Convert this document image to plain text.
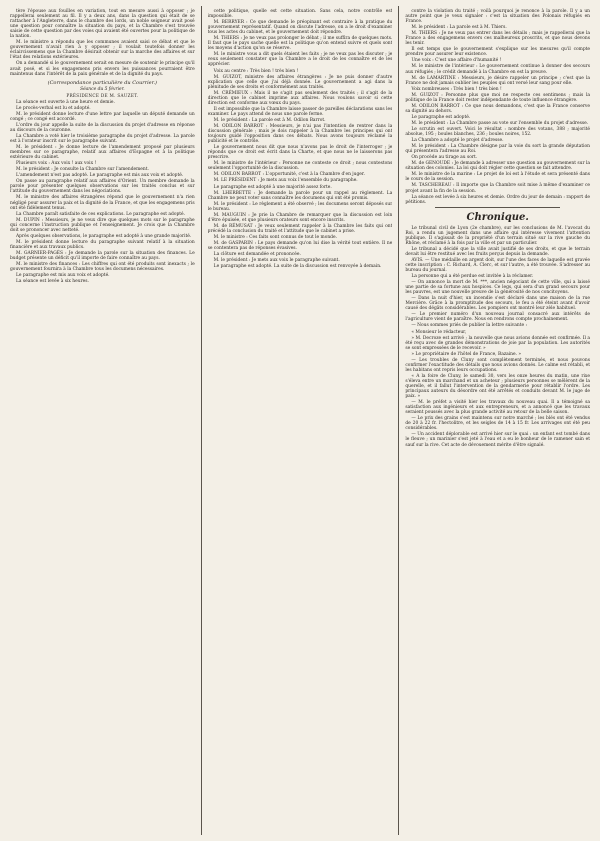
tère l'épouse aux fouilles en variation, tout en mesure aussi à opposer ; je rappellerai seulement au fil. Il y a deux ans, dans la question qui était de se rattacher à l'Angleterre, dans le chambre des lords, un noble seigneur avait posé une question pour connaître la situation du pays, et la Chambre s'est trouvée saisie de cette question par des voies qui avaient été ouvertes pour la politique de la nation.

M. le ministre a répondu que les communes avaient saisi ce débat et que le gouvernement n'avait rien à y opposer ; il voulait toutefois donner les éclaircissemens que la Chambre désirait obtenir sur la marche des affaires et sur l'état des relations extérieures.

On a demandé si le gouvernement serait en mesure de soutenir le principe qu'il avait posé, et si les engagemens pris envers les puissances pourraient être maintenus dans l'intérêt de la paix générale et de la dignité du pays.

(Correspondance particulière du Courrier.)
Séance du 5 février.
PRÉSIDENCE DE M. SAUZET.

La séance est ouverte à une heure et demie.

Le procès-verbal est lu et adopté.

M. le président donne lecture d'une lettre par laquelle un député demande un congé ; ce congé est accordé.

L'ordre du jour appelle la suite de la discussion du projet d'adresse en réponse au discours de la couronne.

La Chambre a voté hier le troisième paragraphe du projet d'adresse. La parole est à l'orateur inscrit sur le paragraphe suivant.

M. le président : Je donne lecture de l'amendement proposé par plusieurs membres sur ce paragraphe, relatif aux affaires d'Espagne et à la politique extérieure du cabinet.

Plusieurs voix : Aux voix ! aux voix !

M. le président : Je consulte la Chambre sur l'amendement.

L'amendement n'est pas adopté. Le paragraphe est mis aux voix et adopté.

On passe au paragraphe relatif aux affaires d'Orient. Un membre demande la parole pour présenter quelques observations sur les traités conclus et sur l'attitude du gouvernement dans les négociations.

M. le ministre des affaires étrangères répond que le gouvernement n'a rien négligé pour assurer la paix et la dignité de la France, et que les engagemens pris ont été fidèlement tenus.

La Chambre paraît satisfaite de ces explications. Le paragraphe est adopté.

M. DUPIN : Messieurs, je ne veux dire que quelques mots sur le paragraphe qui concerne l'instruction publique et l'enseignement. Je crois que la Chambre doit se prononcer avec netteté.

Après quelques observations, le paragraphe est adopté à une grande majorité.

M. le président donne lecture du paragraphe suivant relatif à la situation financière et aux travaux publics.

M. GARNIER-PAGÈS : Je demande la parole sur la situation des finances. Le budget présente un déficit qu'il importe de faire connaître au pays.

M. le ministre des finances : Les chiffres qui ont été produits sont inexacts ; le gouvernement fournira à la Chambre tous les documens nécessaires.

Le paragraphe est mis aux voix et adopté.

La séance est levée à six heures.

cette politique, quelle est cette situation. Sans cela, notre contrôle est impossible.

M. BERRYER : Ce que demande le préopinant est contraire à la pratique du gouvernement représentatif. Quand on discute l'adresse, on a le droit d'examiner tous les actes du cabinet, et le gouvernement doit répondre.

M. THIERS : Je ne veux pas prolonger le débat ; il me suffira de quelques mots. Il faut que le pays sache quelle est la politique qu'on entend suivre et quels sont les moyens d'action qu'on se réserve.

M. le ministre vous a dit quels étaient les faits ; je ne veux pas les discuter ; je veux seulement constater que la Chambre a le droit de les connaître et de les apprécier.

Voix au centre : Très bien ! très bien !

M. GUIZOT, ministre des affaires étrangères : Je ne puis donner d'autre explication que celle que j'ai déjà donnée. Le gouvernement a agi dans la plénitude de ses droits et conformément aux traités.

M. CRÉMIEUX : Mais il ne s'agit pas seulement des traités ; il s'agit de la direction que le cabinet imprime aux affaires. Nous voulons savoir si cette direction est conforme aux vœux du pays.

Il est impossible que la Chambre laisse passer de pareilles déclarations sans les examiner. Le pays attend de nous une parole ferme.

M. le président : La parole est à M. Odilon Barrot.

M. ODILON BARROT : Messieurs, je n'ai pas l'intention de rentrer dans la discussion générale ; mais je dois rappeler à la Chambre les principes qui ont toujours guidé l'opposition dans ces débats. Nous avons toujours réclamé la publicité et le contrôle.

Le gouvernement nous dit que nous n'avons pas le droit de l'interroger ; je réponds que ce droit est écrit dans la Charte, et que nous ne le laisserons pas prescrire.

M. le ministre de l'intérieur : Personne ne conteste ce droit ; nous contestons seulement l'opportunité de la discussion.

M. ODILON BARROT : L'opportunité, c'est à la Chambre d'en juger.

M. LE PRÉSIDENT : Je mets aux voix l'ensemble du paragraphe.

Le paragraphe est adopté à une majorité assez forte.

M. LHERBETTE : Je demande la parole pour un rappel au règlement. La Chambre ne peut voter sans connaître les documens qui ont été promis.

M. le président : Le règlement a été observé ; les documens seront déposés sur le bureau.

M. MAUGUIN : Je prie la Chambre de remarquer que la discussion est loin d'être épuisée, et que plusieurs orateurs sont encore inscrits.

M. de RÉMUSAT : Je veux seulement rappeler à la Chambre les faits qui ont précédé la conclusion du traité et l'attitude que le cabinet a prise.

M. le ministre : Ces faits sont connus de tout le monde.

M. de GASPARIN : Le pays demande qu'on lui dise la vérité tout entière. Il ne se contentera pas de réponses évasives.

La clôture est demandée et prononcée.

M. le président : Je mets aux voix le paragraphe suivant.

Le paragraphe est adopté. La suite de la discussion est renvoyée à demain.

contre la violation du traité ; voilà pourquoi je renonce à la parole. Il y a un autre point que je veux signaler : c'est la situation des Polonais réfugiés en France.

M. le président : La parole est à M. Thiers.

M. THIERS : Je ne veux pas entrer dans les détails ; mais je rappellerai que la France a des engagemens envers ces malheureux proscrits, et que nous devons les tenir.

Il est temps que le gouvernement s'explique sur les mesures qu'il compte prendre pour assurer leur existence.

Une voix : C'est une affaire d'humanité !

M. le ministre de l'intérieur : Le gouvernement continue à donner des secours aux réfugiés ; le crédit demandé à la Chambre en est la preuve.

M. de LAMARTINE : Messieurs, je désire rappeler un principe ; c'est que la France ne doit jamais oublier les peuples qui ont versé leur sang pour elle.

Voix nombreuses : Très bien ! très bien !

M. GUIZOT : Personne plus que moi ne respecte ces sentimens ; mais la politique de la France doit rester indépendante de toute influence étrangère.

M. ODILON BARROT : Ce que nous demandons, c'est que la France conserve sa dignité au dehors.

Le paragraphe est adopté.

M. le président : La Chambre passe au vote sur l'ensemble du projet d'adresse.

Le scrutin est ouvert. Voici le résultat : nombre des votans, 388 ; majorité absolue, 195 ; boules blanches, 236 ; boules noires, 152.

La Chambre a adopté le projet d'adresse.

M. le président : La Chambre désigne par la voie du sort la grande députation qui présentera l'adresse au Roi.

On procède au tirage au sort.

M. de GENOUDE : Je demande à adresser une question au gouvernement sur la situation des colonies. La loi qui doit régler cette question se fait attendre.

M. le ministre de la marine : Le projet de loi est à l'étude et sera présenté dans le cours de la session.

M. TASCHEREAU : Il importe que la Chambre soit mise à même d'examiner ce projet avant la fin de la session.

La séance est levée à six heures et demie. Ordre du jour de demain : rapport de pétitions.

Chronique.

Le tribunal civil de Lyon (2e chambre), sur les conclusions de M. l'avocat du Roi, a rendu un jugement dans une affaire qui intéresse vivement l'attention publique. Il s'agissait de la propriété d'un terrain situé sur la rive gauche du Rhône, et réclamé à la fois par la ville et par un particulier.

Le tribunal a décidé que la ville avait justifié de ses droits, et que le terrain devait lui être restitué avec les fruits perçus depuis la demande.

AVIS. — Une médaille en argent doit, sur l'une des faces de laquelle est gravée cette inscription : C. Richard, A. Clerc, et sur l'autre, a été trouvée. S'adresser au bureau du journal.

La personne qui a été perdue est invitée à la réclamer.

— On annonce la mort de M. ***, ancien négociant de cette ville, qui a laissé une partie de sa fortune aux hospices. Ce legs, qui sera d'un grand secours pour les pauvres, est une nouvelle preuve de la générosité de nos concitoyens.

— Dans la nuit d'hier, un incendie s'est déclaré dans une maison de la rue Mercière. Grâce à la promptitude des secours, le feu a été éteint avant d'avoir causé des dégâts considérables. Les pompiers ont montré leur zèle habituel.

— Le premier numéro d'un nouveau journal consacré aux intérêts de l'agriculture vient de paraître. Nous en rendrons compte prochainement.

— Nous sommes priés de publier la lettre suivante :

« Monsieur le rédacteur,

» M. Decroze est arrivé ; la nouvelle que nous avions donnée est confirmée. Il a été reçu avec de grandes démonstrations de joie par la population. Les autorités se sont empressées de le recevoir. »

» Le propriétaire de l'hôtel de France, Bazaine. »

— Les troubles de Cluny sont complètement terminés, et nous pouvons confirmer l'exactitude des détails que nous avions donnés. Le calme est rétabli, et les habitans ont repris leurs occupations.

« A la foire de Cluny, le samedi 30, vers les onze heures du matin, une rixe s'éleva entre un marchand et un acheteur ; plusieurs personnes se mêlèrent de la querelle, et il fallut l'intervention de la gendarmerie pour rétablir l'ordre. Les principaux auteurs du désordre ont été arrêtés et conduits devant M. le juge de paix. »

— M. le préfet a visité hier les travaux du nouveau quai. Il a témoigné sa satisfaction aux ingénieurs et aux entrepreneurs, et a annoncé que les travaux seraient poussés avec la plus grande activité au retour de la belle saison.

— Le prix des grains s'est maintenu sur notre marché ; les blés ont été vendus de 20 à 22 fr. l'hectolitre, et les seigles de 14 à 15 fr. Les arrivages ont été peu considérables.

— Un accident déplorable est arrivé hier sur le quai : un enfant est tombé dans le fleuve ; un marinier s'est jeté à l'eau et a eu le bonheur de le ramener sain et sauf sur la rive. Cet acte de dévouement mérite d'être signalé.
